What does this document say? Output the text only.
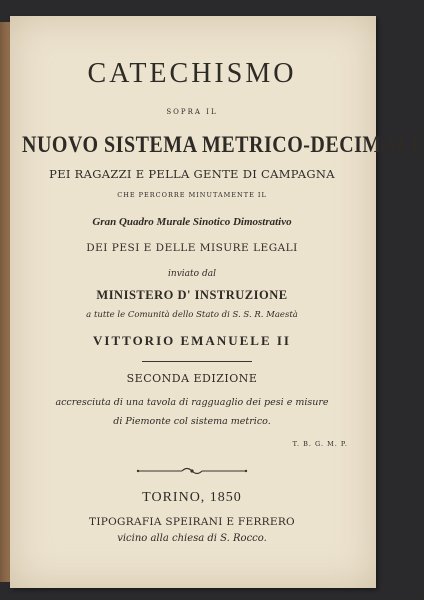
CATECHISMO
SOPRA IL
NUOVO SISTEMA METRICO-DECIMALE
PEI RAGAZZI E PELLA GENTE DI CAMPAGNA
CHE PERCORRE MINUTAMENTE IL
Gran Quadro Murale Sinotico Dimostrativo
DEI PESI E DELLE MISURE LEGALI
inviato dal
MINISTERO D' INSTRUZIONE
a tutte le Comunità dello Stato di S. S. R. Maestà
VITTORIO EMANUELE II
SECONDA EDIZIONE
accresciuta di una tavola di ragguaglio dei pesi e misure
di Piemonte col sistema metrico.
T. B. G. M. P.
TORINO, 1850
TIPOGRAFIA SPEIRANI E FERRERO
vicino alla chiesa di S. Rocco.
